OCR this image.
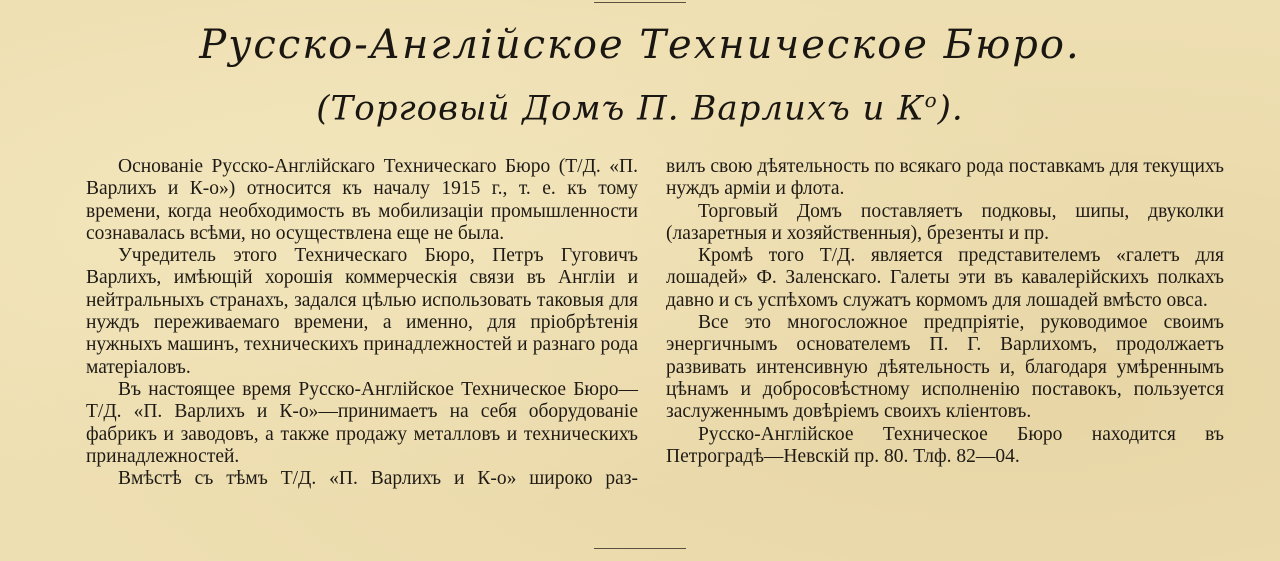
Русско-Англійское Техническое Бюро.
(Торговый Домъ П. Варлихъ и $К^о$).

Основаніе Русско-Англійскаго Техническаго Бюро (Т/Д. «П. Варлихъ и К-о») относится къ началу 1915 г., т. е. къ тому времени, когда необходимость въ мобилизаціи промышленности сознавалась всѣми, но осуществлена еще не была.

Учредитель этого Техническаго Бюро, Петръ Гуговичъ Варлихъ, имѣющій хорошія коммерческія связи въ Англіи и нейтральныхъ странахъ, задался цѣлью использовать таковыя для нуждъ переживаемаго времени, а именно, для пріобрѣтенія нужныхъ машинъ, техническихъ принадлежностей и разнаго рода матеріаловъ.

Въ настоящее время Русско-Англійское Техническое Бюро—Т/Д. «П. Варлихъ и К-о»—принимаетъ на себя оборудованіе фабрикъ и заводовъ, а также продажу металловъ и техническихъ принадлежностей.

Вмѣстѣ съ тѣмъ Т/Д. «П. Варлихъ и К-о» широко раз-

вилъ свою дѣятельность по всякаго рода поставкамъ для текущихъ нуждъ арміи и флота.

Торговый Домъ поставляетъ подковы, шипы, двуколки (лазаретныя и хозяйственныя), брезенты и пр.

Кромѣ того Т/Д. является представителемъ «галетъ для лошадей» Ф. Заленскаго. Галеты эти въ кавалерійскихъ полкахъ давно и съ успѣхомъ служатъ кормомъ для лошадей вмѣсто овса.

Все это многосложное предпріятіе, руководимое своимъ энергичнымъ основателемъ П. Г. Варлихомъ, продолжаетъ развивать интенсивную дѣятельность и, благодаря умѣреннымъ цѣнамъ и добросовѣстному исполненію поставокъ, пользуется заслуженнымъ довѣріемъ своихъ кліентовъ.

Русско-Англійское Техническое Бюро находится въ Петроградѣ—Невскій пр. 80. Тлф. 82—04.
